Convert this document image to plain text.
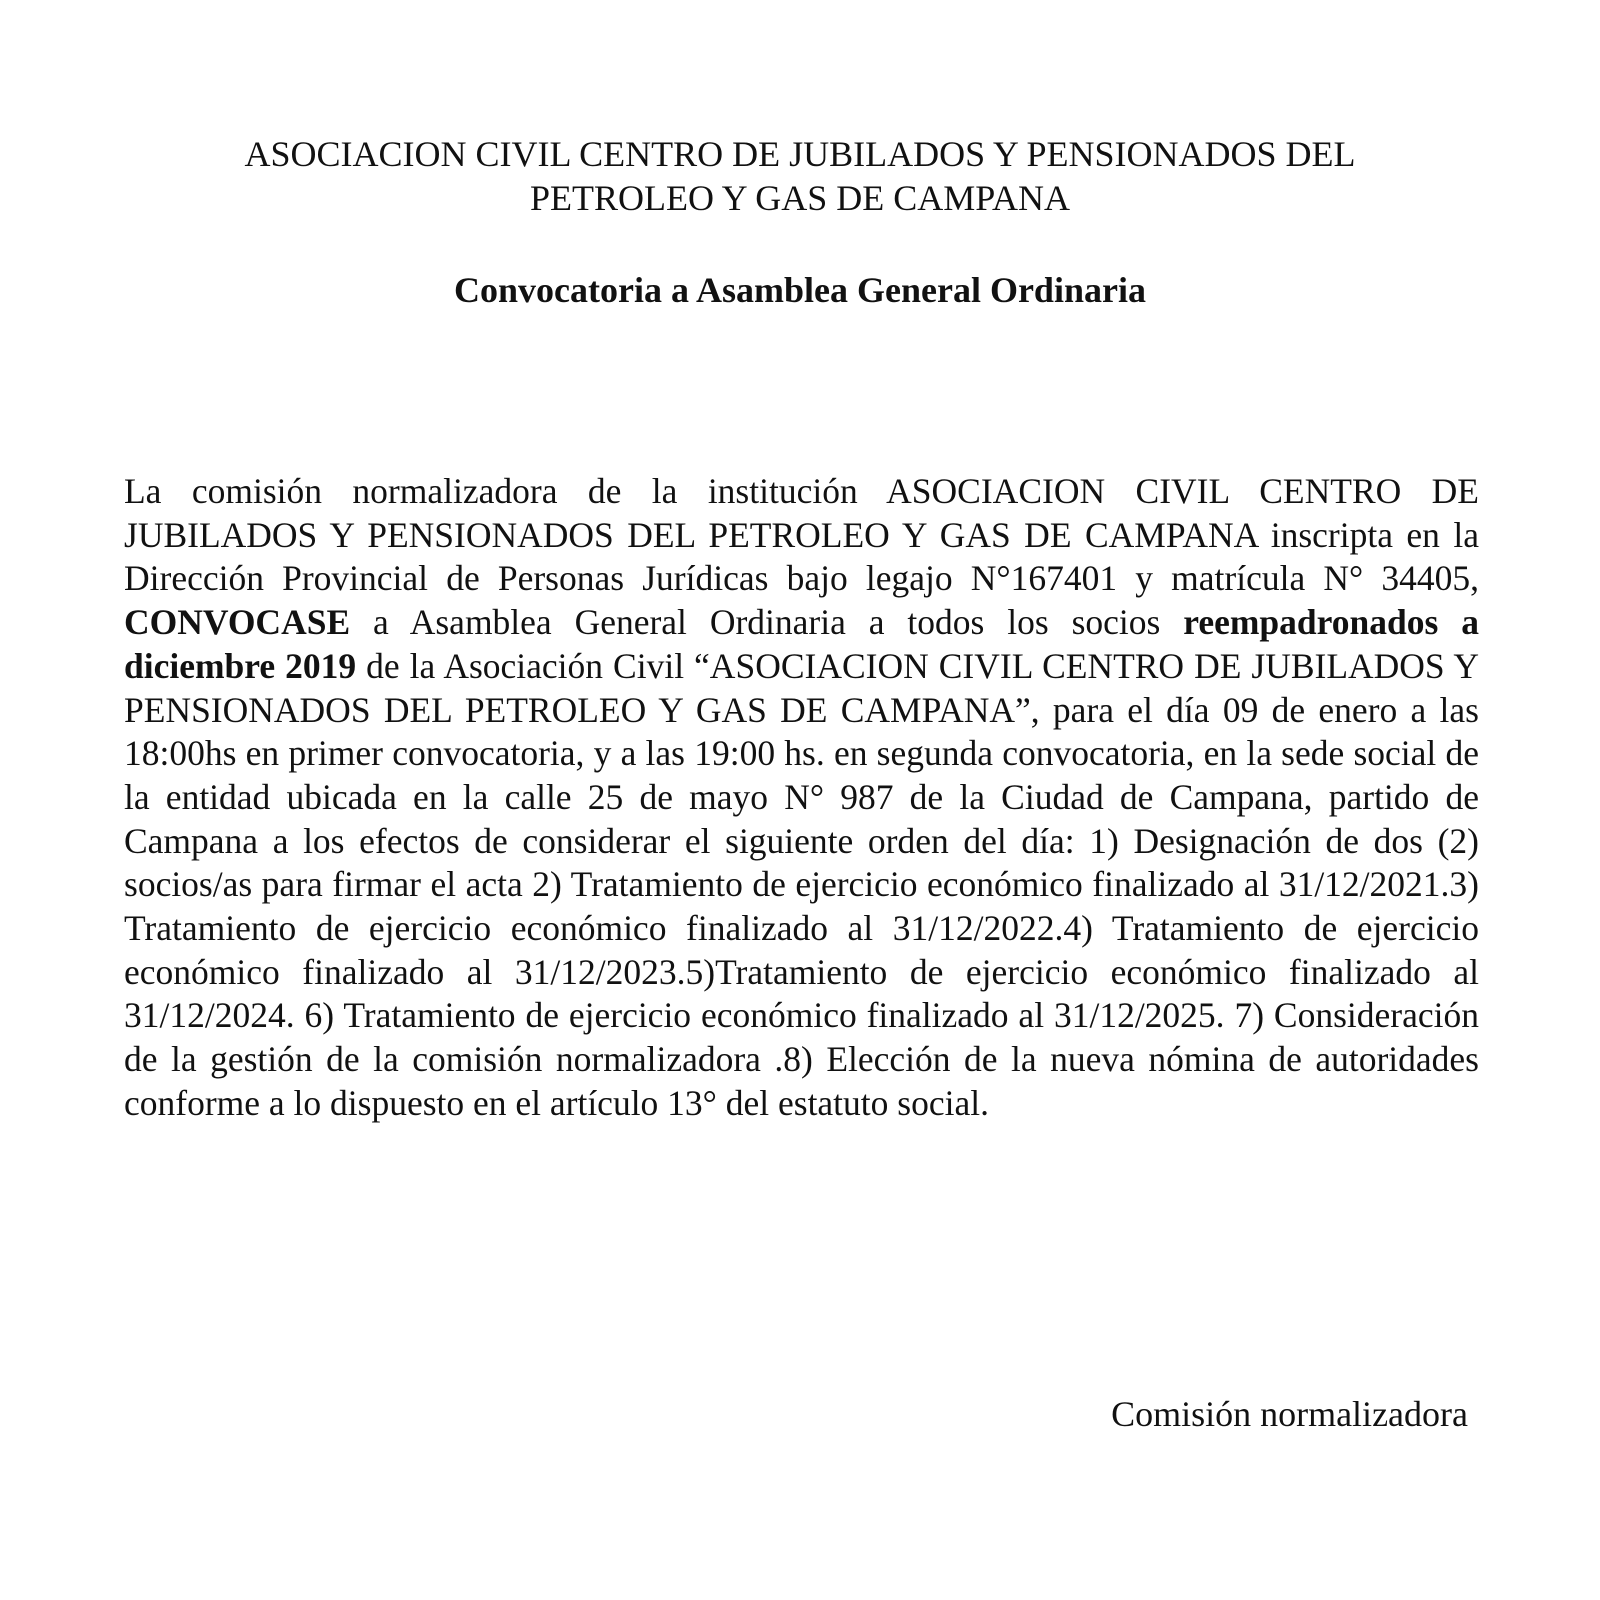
ASOCIACION CIVIL CENTRO DE JUBILADOS Y PENSIONADOS DEL
PETROLEO Y GAS DE CAMPANA
Convocatoria a Asamblea General Ordinaria

La comisión normalizadora de la institución ASOCIACION CIVIL CENTRO DE JUBILADOS Y PENSIONADOS DEL PETROLEO Y GAS DE CAMPANA inscripta en la Dirección Provincial de Personas Jurídicas bajo legajo N°167401 y matrícula N° 34405, CONVOCASE a Asamblea General Ordinaria a todos los socios reempadronados a diciembre 2019 de la Asociación Civil “ASOCIACION CIVIL CENTRO DE JUBILADOS Y PENSIONADOS DEL PETROLEO Y GAS DE CAMPANA”, para el día 09 de enero a las 18:00hs en primer convocatoria, y a las 19:00 hs. en segunda convocatoria, en la sede social de la entidad ubicada en la calle 25 de mayo N° 987 de la Ciudad de Campana, partido de Campana a los efectos de considerar el siguiente orden del día: 1) Designación de dos (2) socios/as para firmar el acta 2) Tratamiento de ejercicio económico finalizado al 31/12/2021.3) Tratamiento de ejercicio económico finalizado al 31/12/2022.4) Tratamiento de ejercicio económico finalizado al 31/12/2023.5)Tratamiento de ejercicio económico finalizado al 31/12/2024. 6) Tratamiento de ejercicio económico finalizado al 31/12/2025. 7) Consideración de la gestión de la comisión normalizadora .8) Elección de la nueva nómina de autoridades conforme a lo dispuesto en el artículo 13° del estatuto social.

Comisión normalizadora
